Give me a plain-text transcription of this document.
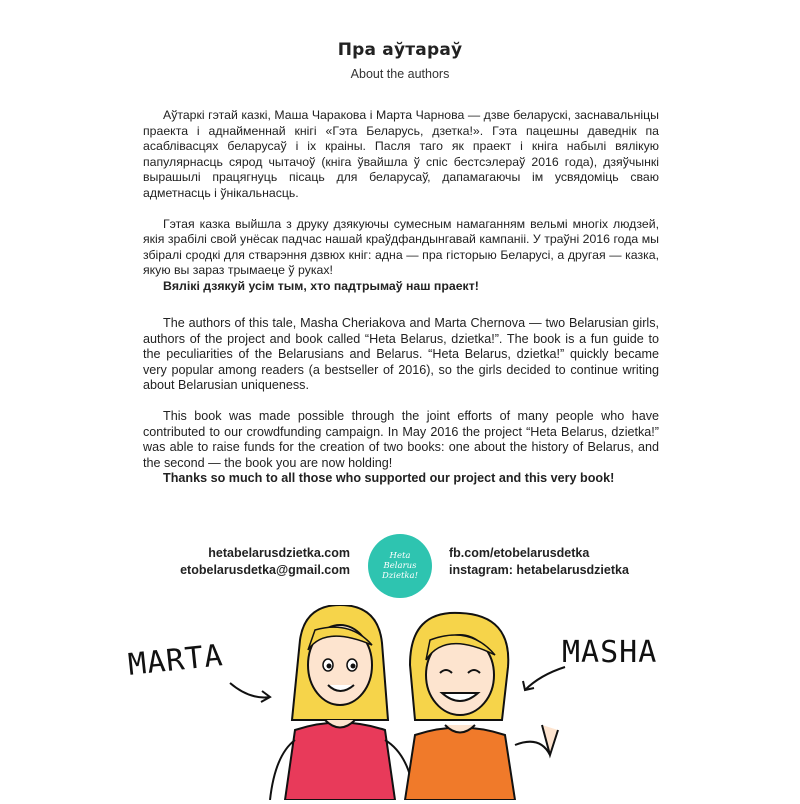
Пра аўтараў
About the authors

Аўтаркі гэтай казкі, Маша Чаракова і Марта Чарнова — дзве беларускі, заснавальніцы праекта і аднайменнай кнігі «Гэта Беларусь, дзетка!». Гэта пацешны даведнік па асаблівасцях беларусаў і іх краіны. Пасля таго як праект і кніга набылі вялікую папулярнасць сярод чытачоў (кніга ўвайшла ў спіс бестсэлераў 2016 года), дзяўчынкі вырашылі працягнуць пісаць для беларусаў, дапамагаючы ім усвядоміць сваю адметнасць і ўнікальнасць.

Гэтая казка выйшла з друку дзякуючы сумесным намаганням вельмі многіх людзей, якія зрабілі свой унёсак падчас нашай краўдфандынгавай кампаніі. У траўні 2016 года мы збіралі сродкі для стварэння дзвюх кніг: адна — пра гісторыю Беларусі, а другая — казка, якую вы зараз трымаеце ў руках!

Вялікі дзякуй усім тым, хто падтрымаў наш праект!

The authors of this tale, Masha Cheriakova and Marta Chernova — two Belarusian girls, authors of the project and book called “Heta Belarus, dzietka!”. The book is a fun guide to the peculiarities of the Belarusians and Belarus. “Heta Belarus, dzietka!” quickly became very popular among readers (a bestseller of 2016), so the girls decided to continue writing about Belarusian uniqueness.

This book was made possible through the joint efforts of many people who have contributed to our crowdfunding campaign. In May 2016 the project “Heta Belarus, dzietka!” was able to raise funds for the creation of two books: one about the history of Belarus, and the second — the book you are now holding!

Thanks so much to all those who supported our project and this very book!

hetabelarusdzietka.com
etobelarusdetka@gmail.com
Heta
Belarus
Dzietka!
fb.com/etobelarusdetka
instagram: hetabelarusdzietka
MARTA	MASHA
